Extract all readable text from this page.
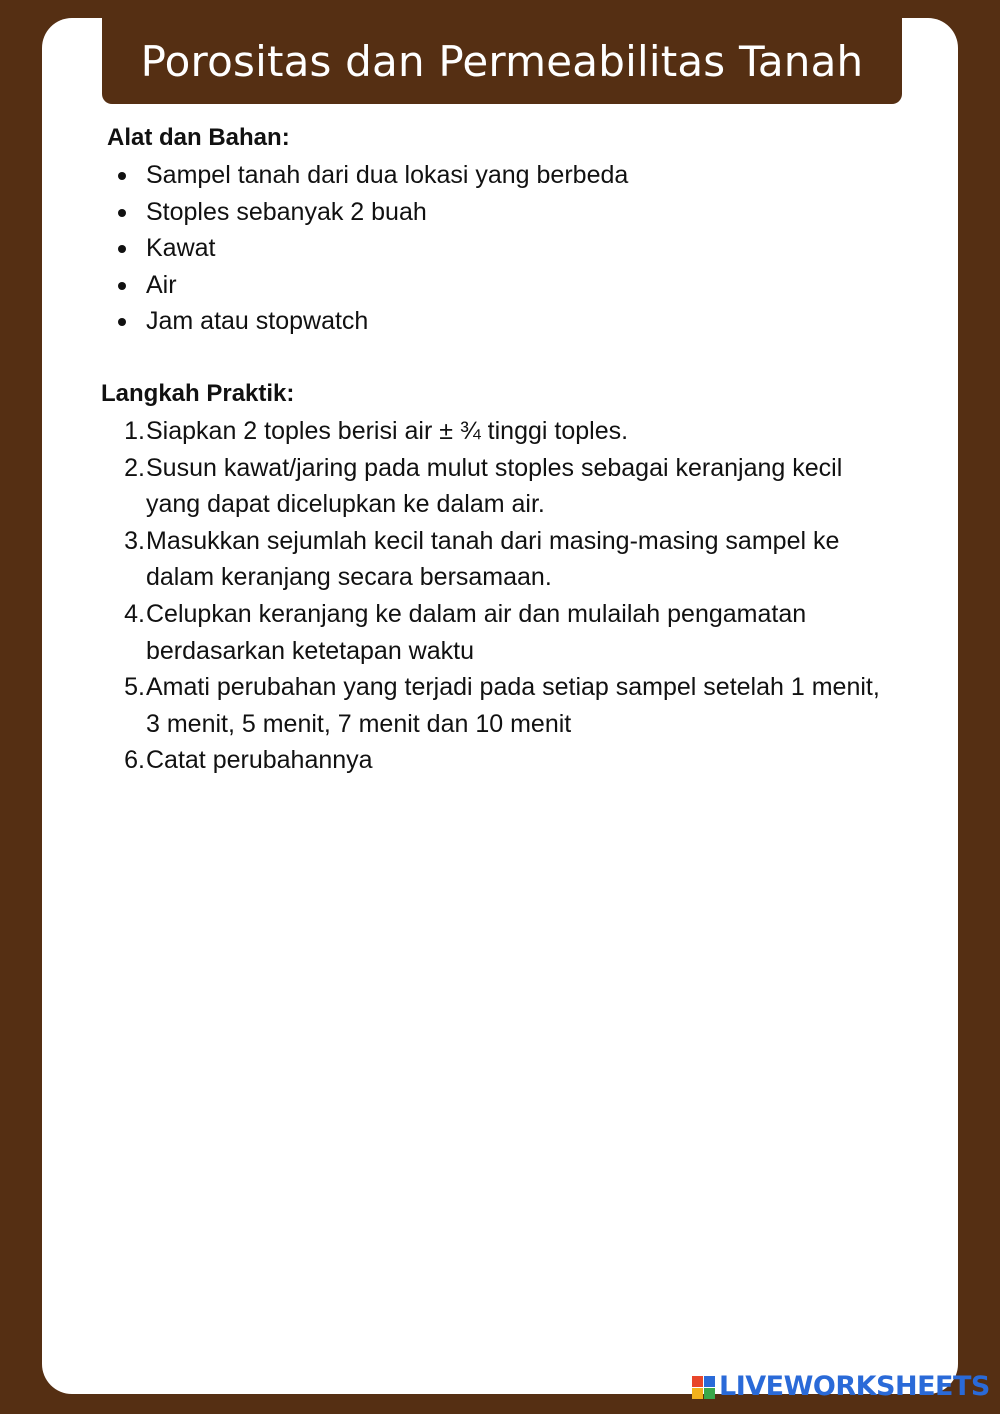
Porositas dan Permeabilitas Tanah
Alat dan Bahan:
Sampel tanah dari dua lokasi yang berbeda
Stoples sebanyak 2 buah
Kawat
Air
Jam atau stopwatch
Langkah Praktik:
1. Siapkan 2 toples berisi air ± ¾ tinggi toples.
2. Susun kawat/jaring pada mulut stoples sebagai keranjang kecil yang dapat dicelupkan ke dalam air.
3. Masukkan sejumlah kecil tanah dari masing-masing sampel ke dalam keranjang secara bersamaan.
4. Celupkan keranjang ke dalam air dan mulailah pengamatan berdasarkan ketetapan waktu
5. Amati perubahan yang terjadi pada setiap sampel setelah 1 menit, 3 menit, 5 menit, 7 menit dan 10 menit
6. Catat perubahannya
LIVEWORKSHEETS
